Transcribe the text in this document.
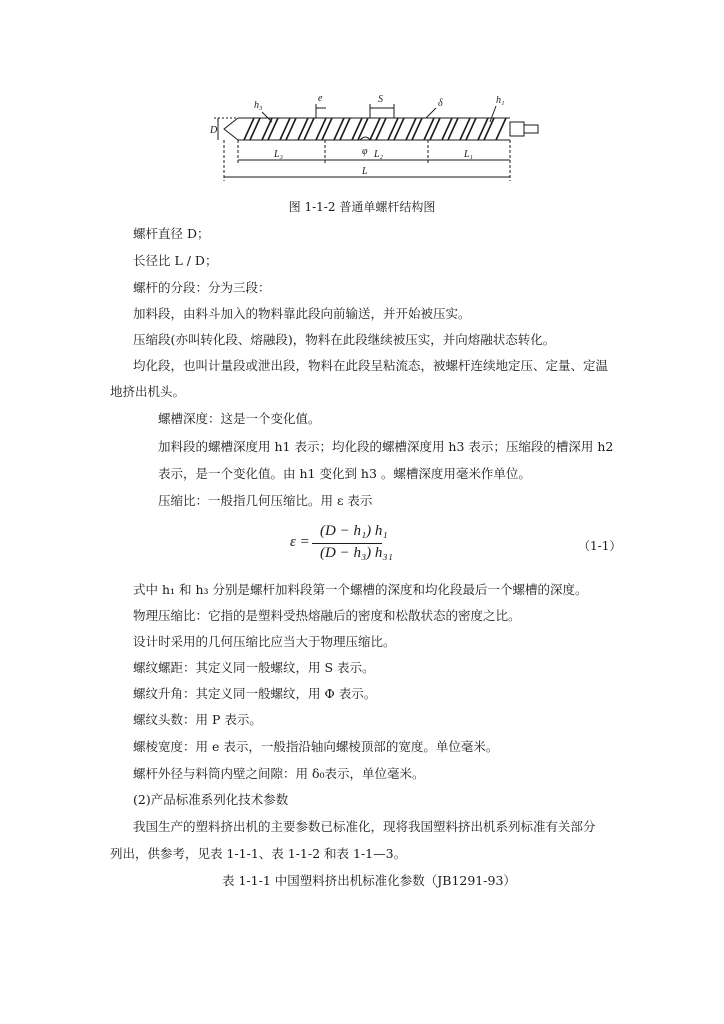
h₃
e	S	δ	h₁
D
φ
L₃	L₂	L₁
L
图 1-1-2 普通单螺杆结构图
螺杆直径 D；
长径比 L / D；
螺杆的分段：分为三段：
加料段，由料斗加入的物料靠此段向前输送，并开始被压实。
压缩段(亦叫转化段、熔融段)，物料在此段继续被压实，并向熔融状态转化。
均化段，也叫计量段或泄出段，物料在此段呈粘流态，被螺杆连续地定压、定量、定温
地挤出机头。
螺槽深度：这是一个变化值。
加料段的螺槽深度用 h1 表示；均化段的螺槽深度用 h3 表示；压缩段的槽深用 h2
表示，是一个变化值。由 h1 变化到 h3 。螺槽深度用毫米作单位。
压缩比：一般指几何压缩比。用 ε 表示
ε =
(D − h₁) h₁
(D − h₃) h₃₁	（1-1）
式中 h₁ 和 h₃ 分别是螺杆加料段第一个螺槽的深度和均化段最后一个螺槽的深度。
物理压缩比：它指的是塑料受热熔融后的密度和松散状态的密度之比。
设计时采用的几何压缩比应当大于物理压缩比。
螺纹螺距：其定义同一般螺纹，用 S 表示。
螺纹升角：其定义同一般螺纹，用 Φ 表示。
螺纹头数：用 P 表示。
螺棱宽度：用 e 表示，一般指沿轴向螺棱顶部的宽度。单位毫米。
螺杆外径与料筒内壁之间隙：用 δ₀表示，单位毫米。
(2)产品标准系列化技术参数
我国生产的塑料挤出机的主要参数已标准化，现将我国塑料挤出机系列标准有关部分
列出，供参考，见表 1-1-1、表 1-1-2 和表 1-1—3。
表 1-1-1 中国塑料挤出机标准化参数（JB1291-93）
